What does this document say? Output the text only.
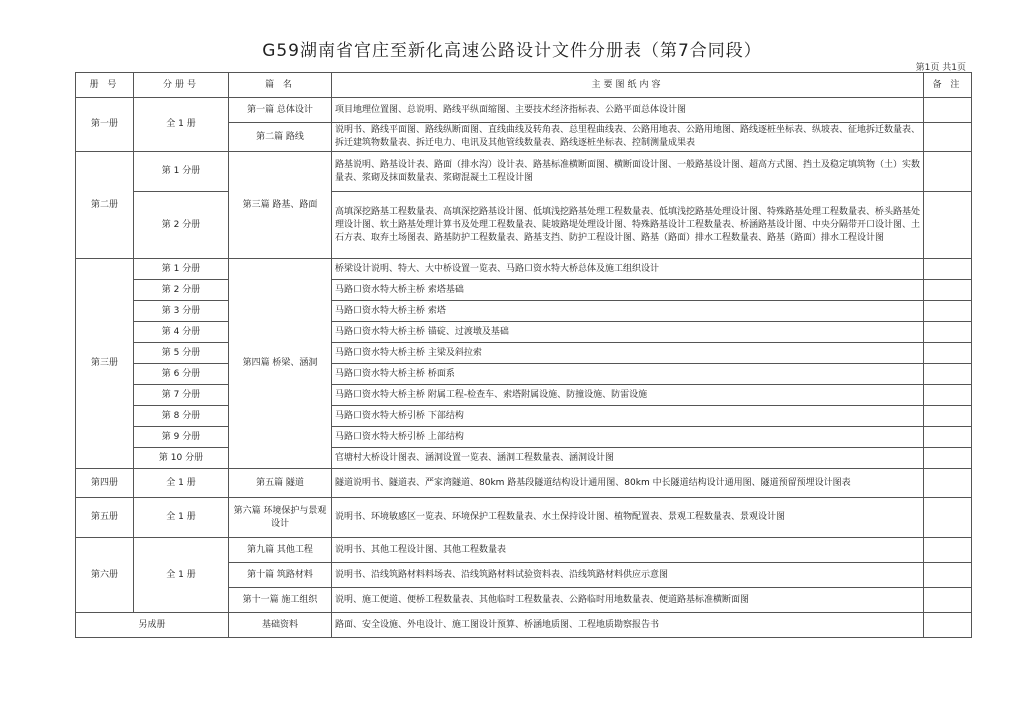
G59湖南省官庄至新化高速公路设计文件分册表（第7合同段）
第1页 共1页
册 号	分册号	篇 名	主要图纸内容	备 注
第一册	全 1 册	第一篇 总体设计	项目地理位置图、总说明、路线平纵面缩图、主要技术经济指标表、公路平面总体设计图	
		第二篇 路线	说明书、路线平面图、路线纵断面图、直线曲线及转角表、总里程曲线表、公路用地表、公路用地图、路线逐桩坐标表、纵坡表、征地拆迁数量表、拆迁建筑物数量表、拆迁电力、电讯及其他管线数量表、路线逐桩坐标表、控制测量成果表	
第二册	第 1 分册	第三篇 路基、路面	路基说明、路基设计表、路面（排水沟）设计表、路基标准横断面图、横断面设计图、一般路基设计图、超高方式图、挡土及稳定填筑物（土）实数量表、浆砌及抹面数量表、浆砌混凝土工程设计图	
	第 2 分册		高填深挖路基工程数量表、高填深挖路基设计图、低填浅挖路基处理工程数量表、低填浅挖路基处理设计图、特殊路基处理工程数量表、桥头路基处理设计图、软土路基处理计算书及处理工程数量表、陡坡路堤处理设计图、特殊路基设计工程数量表、桥涵路基设计图、中央分隔带开口设计图、土石方表、取弃土场图表、路基防护工程数量表、路基支挡、防护工程设计图、路基（路面）排水工程数量表、路基（路面）排水工程设计图	
第三册	第 1 分册	第四篇 桥梁、涵洞	桥梁设计说明、特大、大中桥设置一览表、马路口资水特大桥总体及施工组织设计	
	第 2 分册		马路口资水特大桥主桥 索塔基础	
	第 3 分册		马路口资水特大桥主桥 索塔	
	第 4 分册		马路口资水特大桥主桥 锚碇、过渡墩及基础	
	第 5 分册		马路口资水特大桥主桥 主梁及斜拉索	
	第 6 分册		马路口资水特大桥主桥 桥面系	
	第 7 分册		马路口资水特大桥主桥 附属工程-检查车、索塔附属设施、防撞设施、防雷设施	
	第 8 分册		马路口资水特大桥引桥 下部结构	
	第 9 分册		马路口资水特大桥引桥 上部结构	
	第 10 分册		官塘村大桥设计图表、涵洞设置一览表、涵洞工程数量表、涵洞设计图	
第四册	全 1 册	第五篇 隧道	隧道说明书、隧道表、严家湾隧道、80km 路基段隧道结构设计通用图、80km 中长隧道结构设计通用图、隧道预留预埋设计图表	
第五册	全 1 册	第六篇 环境保护与景观设计	说明书、环境敏感区一览表、环境保护工程数量表、水土保持设计图、植物配置表、景观工程数量表、景观设计图	
第六册	全 1 册	第九篇 其他工程	说明书、其他工程设计图、其他工程数量表	
		第十篇 筑路材料	说明书、沿线筑路材料料场表、沿线筑路材料试验资料表、沿线筑路材料供应示意图	
		第十一篇 施工组织	说明、施工便道、便桥工程数量表、其他临时工程数量表、公路临时用地数量表、便道路基标准横断面图	
另成册		基础资料	路面、安全设施、外电设计、施工图设计预算、桥涵地质图、工程地质勘察报告书	
